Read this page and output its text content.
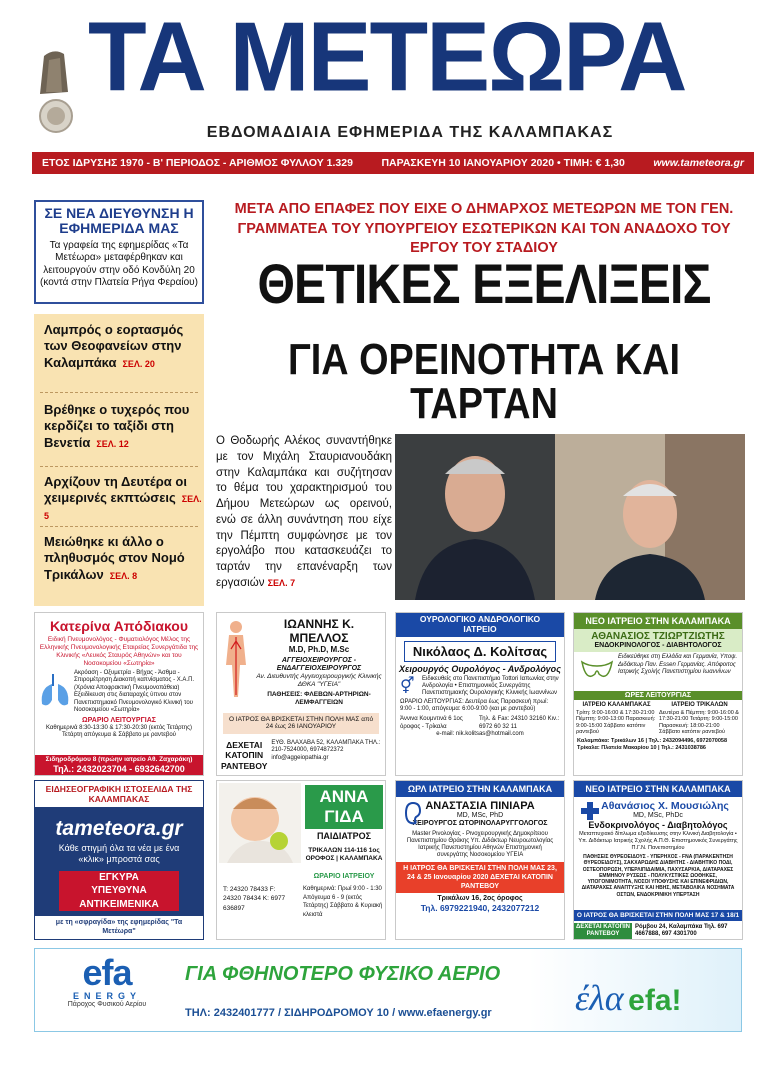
ΤΑ ΜΕΤΕΩΡΑ
ΕΒΔΟΜΑΔΙΑΙΑ ΕΦΗΜΕΡΙΔΑ ΤΗΣ ΚΑΛΑΜΠΑΚΑΣ
ΕΤΟΣ ΙΔΡΥΣΗΣ 1970 - Β' ΠΕΡΙΟΔΟΣ - ΑΡΙΘΜΟΣ ΦΥΛΛΟΥ 1.329	ΠΑΡΑΣΚΕΥΗ 10 ΙΑΝΟΥΑΡΙΟΥ 2020 • ΤΙΜΗ: € 1,30	www.tameteora.gr
ΣΕ ΝΕΑ ΔΙΕΥΘΥΝΣΗ Η ΕΦΗΜΕΡΙΔΑ ΜΑΣ

Τα γραφεία της εφημερίδας «Τα Μετέωρα» μεταφέρθηκαν και λειτουργούν στην οδό Κονδύλη 20 (κοντά στην Πλατεία Ρήγα Φεραίου)

Λαμπρός ο εορτασμός των Θεοφανείων στην Καλαμπάκα ΣΕΛ. 20
Βρέθηκε ο τυχερός που κερδίζει το ταξίδι στη Βενετία ΣΕΛ. 12
Αρχίζουν τη Δευτέρα οι χειμερινές εκπτώσεις ΣΕΛ. 5
Μειώθηκε κι άλλο ο πληθυσμός στον Νομό Τρικάλων ΣΕΛ. 8
ΜΕΤΑ ΑΠΟ ΕΠΑΦΕΣ ΠΟΥ ΕΙΧΕ Ο ΔΗΜΑΡΧΟΣ ΜΕΤΕΩΡΩΝ ΜΕ ΤΟΝ ΓΕΝ. ΓΡΑΜΜΑΤΕΑ ΤΟΥ ΥΠΟΥΡΓΕΙΟΥ ΕΣΩΤΕΡΙΚΩΝ ΚΑΙ ΤΟΝ ΑΝΑΔΟΧΟ ΤΟΥ ΕΡΓΟΥ ΤΟΥ ΣΤΑΔΙΟΥ
ΘΕΤΙΚΕΣ ΕΞΕΛΙΞΕΙΣ
ΓΙΑ ΟΡΕΙΝΟΤΗΤΑ ΚΑΙ ΤΑΡΤΑΝ
Ο Θοδωρής Αλέκος συναντήθηκε με τον Μιχάλη Σταυριανουδάκη στην Καλαμπάκα και συζήτησαν το θέμα του χαρακτηρισμού του Δήμου Μετεώρων ως ορεινού, ενώ σε άλλη συνάντηση που είχε την Πέμπτη συμφώνησε με τον εργολάβο που κατασκευάζει το ταρτάν την επανέναρξη των εργασιών ΣΕΛ. 7
Κατερίνα Απόδιακου
Ειδική Πνευμονολόγος - Φυματιολόγος Μέλος της Ελληνικής Πνευμονολογικής Εταιρείας Συνεργάτιδα της Κλινικής «Λευκός Σταυρός Αθηνών» και του Νοσοκομείου «Σωτηρία»
Ακρόαση - Οξυμετρία - Βήχας - Άσθμα - Σπιρομέτρηση Διακοπή καπνίσματος - Χ.Α.Π. (Χρόνια Αποφρακτική Πνευμονοπάθεια) Εξειδίκευση στις διαταραχές ύπνου στον Πανεπιστημιακό Πνευμονολογικό Κλινική του Νοσοκομείου «Σωτηρία»
ΩΡΑΡΙΟ ΛΕΙΤΟΥΡΓΙΑΣ
Καθημερινά 8:30-13:30 & 17:30-20:30 (εκτός Τετάρτης) Τετάρτη απόγευμα & Σάββατο με ραντεβού
Σιδηροδρόμου 8 (πρώην ιατρείο Αθ. Ζαχαράκη)
Τηλ.: 2432023704 - 6932642700
ΙΩΑΝΝΗΣ Κ. ΜΠΕΛΛΟΣ
M.D, Ph.D, M.Sc
ΑΓΓΕΙΟΧΕΙΡΟΥΡΓΟΣ - ΕΝΔΑΓΓΕΙΟΧΕΙΡΟΥΡΓΟΣ
Αν. Διευθυντής Αγγειοχειρουργικής Κλινικής ΔΘΚΑ "ΥΓΕΙΑ"
ΠΑΘΗΣΕΙΣ: ΦΛΕΒΩΝ-ΑΡΤΗΡΙΩΝ-ΛΕΜΦΑΓΓΕΙΩΝ
Ο ΙΑΤΡΟΣ ΘΑ ΒΡΙΣΚΕΤΑΙ ΣΤΗΝ ΠΟΛΗ ΜΑΣ από 24 έως 26 ΙΑΝΟΥΑΡΙΟΥ
ΔΕΧΕΤΑΙ ΚΑΤΟΠΙΝ ΡΑΝΤΕΒΟΥ
ΕΥΘ. ΒΛΑΧΑΒΑ 52, ΚΑΛΑΜΠΑΚΑ ΤΗΛ.: 210-7524000, 6974872372 info@aggeiopathia.gr
ΟΥΡΟΛΟΓΙΚΟ ΑΝΔΡΟΛΟΓΙΚΟ ΙΑΤΡΕΙΟ
Νικόλαος Δ. Κολίτσας
Χειρουργός Ουρολόγος - Ανδρολόγος
⚥	Ειδικευθείς στο Πανεπιστήμιο Tottori Ιαπωνίας στην Ανδρολογία • Επιστημονικός Συνεργάτης Πανεπιστημιακής Ουρολογικής Κλινικής Ιωαννίνων
ΩΡΑΡΙΟ ΛΕΙΤΟΥΡΓΙΑΣ: Δευτέρα έως Παρασκευή πρωί: 9:00 - 1:00, απόγευμα: 6:00-9:00 (και με ραντεβού)
Άννινα Κουμντινά 6 1ος όροφος - Τρίκαλα
Τηλ. & Fax: 24310 32160 Κιν.: 6972 60 32 11
e-mail: nik.kolitsas@hotmail.com
ΝΕΟ ΙΑΤΡΕΙΟ ΣΤΗΝ ΚΑΛΑΜΠΑΚΑ
ΑΘΑΝΑΣΙΟΣ ΤΖΙΩΡΤΖΙΩΤΗΣ
ΕΝΔΟΚΡΙΝΟΛΟΓΟΣ - ΔΙΑΒΗΤΟΛΟΓΟΣ
Ειδικεύθηκε στη Ελλάδα και Γερμανία, Υποψ. Διδάκτωρ Παν. Essen Γερμανίας. Απόφοιτος Ιατρικής Σχολής Πανεπιστημίου Ιωαννίνων
ΩΡΕΣ ΛΕΙΤΟΥΡΓΙΑΣ
ΙΑΤΡΕΙΟ ΚΑΛΑΜΠΑΚΑΣ
Τρίτη: 9:00-16:00 & 17:30-21:00 Πέμπτη: 9:00-13:00 Παρασκευή: 9:00-15:00 Σάββατο κατόπιν ραντεβού
ΙΑΤΡΕΙΟ ΤΡΙΚΑΛΩΝ
Δευτέρα & Πέμπτη: 9:00-16:00 & 17:30-21:00 Τετάρτη: 9:00-15:00 Παρασκευή: 18:00-21:00 Σάββατο κατόπιν ραντεβού
Καλαμπάκα: Τρικάλων 16 | Τηλ.: 2432094496, 6972070058
Τρίκαλα: Πλατεία Μακαρίου 10 | Τηλ.: 2431038786
ΕΙΔΗΣΕΟΓΡΑΦΙΚΗ ΙΣΤΟΣΕΛΙΔΑ ΤΗΣ ΚΑΛΑΜΠΑΚΑΣ
tameteora.gr
Κάθε στιγμή όλα τα νέα με ένα «κλικ» μπροστά σας
ΕΓΚΥΡΑ
ΥΠΕΥΘΥΝΑ
ΑΝΤΙΚΕΙΜΕΝΙΚΑ
με τη «σφραγίδα» της εφημερίδας "Τα Μετέωρα"
ΑΝΝΑ
ΓΙΔΑ
ΠΑΙΔΙΑΤΡΟΣ
ΤΡΙΚΑΛΩΝ 114-116 1ος ΟΡΟΦΟΣ | ΚΑΛΑΜΠΑΚΑ
ΩΡΑΡΙΟ ΙΑΤΡΕΙΟΥ
Τ: 24320 78433 F: 24320 78434 Κ: 6977 636897
Καθημερινά: Πρωί 9:00 - 1:30 Απόγευμα 6 - 9 (εκτός Τετάρτης) Σάββατο & Κυριακή κλειστά
ΩΡΛ ΙΑΤΡΕΙΟ ΣΤΗΝ ΚΑΛΑΜΠΑΚΑ
ΑΝΑΣΤΑΣΙΑ ΠΙΝΙΑΡΑ
MD, MSc, PhD
ΧΕΙΡΟΥΡΓΟΣ ΩΤΟΡΙΝΟΛΑΡΥΓΓΟΛΟΓΟΣ
Master Ρινολογίας - Ρινοχειρουργικής Δημοκρίτειου Πανεπιστημίου Θράκης Υπ. Διδάκτωρ Νευροωτολογίας Ιατρικής Πανεπιστημίου Αθηνών Επιστημονική συνεργάτης Νοσοκομείου ΥΓΕΙΑ
Η ΙΑΤΡΟΣ ΘΑ ΒΡΙΣΚΕΤΑΙ ΣΤΗΝ ΠΟΛΗ ΜΑΣ 23, 24 & 25 Ιανουαρίου 2020 ΔΕΧΕΤΑΙ ΚΑΤΟΠΙΝ ΡΑΝΤΕΒΟΥ
Τρικάλων 16, 2ος όροφος
Τηλ. 6979221940, 2432077212
ΝΕΟ ΙΑΤΡΕΙΟ ΣΤΗΝ ΚΑΛΑΜΠΑΚΑ
Αθανάσιος Χ. Μουσιώλης
MD, MSc, PhDc
Ενδοκρινολόγος - Διαβητολόγος
Μεταπτυχιακό δίπλωμα εξειδίκευσης στην Κλινική Διαβητολογία • Υπ. Διδάκτωρ Ιατρικής Σχολής Α.Π.Θ. Επιστημονικός Συνεργάτης Π.Γ.Ν. Πανεπιστημίου
ΠΑΘΗΣΕΙΣ ΘΥΡΕΟΕΙΔΟΥΣ - ΥΠΕΡΗΧΟΣ - FNA (ΠΑΡΑΚΕΝΤΗΣΗ ΘΥΡΕΟΕΙΔΟΥΣ), ΣΑΚΧΑΡΩΔΗΣ ΔΙΑΒΗΤΗΣ - ΔΙΑΒΗΤΙΚΟ ΠΟΔΙ, ΟΣΤΕΟΠΟΡΩΣΗ, ΥΠΕΡΛΙΠΙΔΑΙΜΙΑ, ΠΑΧΥΣΑΡΚΙΑ, ΔΙΑΤΑΡΑΧΕΣ ΕΜΜΗΝΟΥ ΡΥΣΕΩΣ - ΠΟΛΥΚΥΣΤΙΚΕΣ ΩΟΘΗΚΕΣ, ΥΠΟΓΟΝΙΜΟΤΗΤΑ, ΝΟΣΟΙ ΥΠΟΦΥΣΗΣ ΚΑΙ ΕΠΙΝΕΦΡΙΔΙΩΝ, ΔΙΑΤΑΡΑΧΕΣ ΑΝΑΠΤΥΞΗΣ ΚΑΙ ΗΒΗΣ, ΜΕΤΑΒΟΛΙΚΑ ΝΟΣΗΜΑΤΑ ΟΣΤΩΝ, ΕΝΔΟΚΡΙΝΙΚΗ ΥΠΕΡΤΑΣΗ
Ο ΙΑΤΡΟΣ ΘΑ ΒΡΙΣΚΕΤΑΙ ΣΤΗΝ ΠΟΛΗ ΜΑΣ 17 & 18/1
ΔΕΧΕΤΑΙ ΚΑΤΟΠΙΝ ΡΑΝΤΕΒΟΥ
Ρόμβου 24, Καλαμπάκα Τηλ. 697 4667888, 697 4301700
efa
ENERGY
Πάροχος Φυσικού Αερίου
ΓΙΑ ΦΘΗΝΟΤΕΡΟ ΦΥΣΙΚΟ ΑΕΡΙΟ
ΤΗΛ: 2432401777 / ΣΙΔΗΡΟΔΡΟΜΟΥ 10 / www.efaenergy.gr	έλα efa!
